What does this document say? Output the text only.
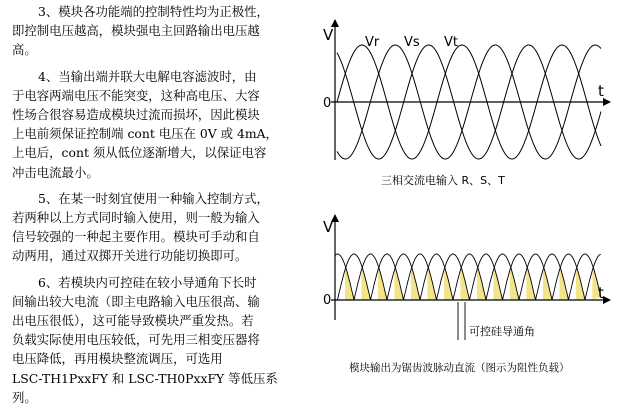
3、模块各功能端的控制特性均为正极性，
即控制电压越高，模块强电主回路输出电压越
高。
4、当输出端并联大电解电容滤波时，由
于电容两端电压不能突变，这种高电压、大容
性场合很容易造成模块过流而损坏，因此模块
上电前须保证控制端 cont 电压在 0V 或 4mA，
上电后，cont 须从低位逐渐增大，以保证电容
冲击电流最小。
5、在某一时刻宜使用一种输入控制方式，
若两种以上方式同时输入使用，则一般为输入
信号较强的一种起主要作用。模块可手动和自
动两用，通过双掷开关进行功能切换即可。
6、若模块内可控硅在较小导通角下长时
间输出较大电流（即主电路输入电压很高、输
出电压很低），这可能导致模块严重发热。若
负载实际使用电压较低，可先用三相变压器将
电压降低，再用模块整流调压，可选用
LSC-TH1PxxFY 和 LSC-TH0PxxFY 等低压系
列。
V
0
t
Vr Vs Vt
三相交流电输入 R、S、T
V
0	t
可控硅导通角
模块输出为锯齿波脉动直流（图示为阻性负载）
